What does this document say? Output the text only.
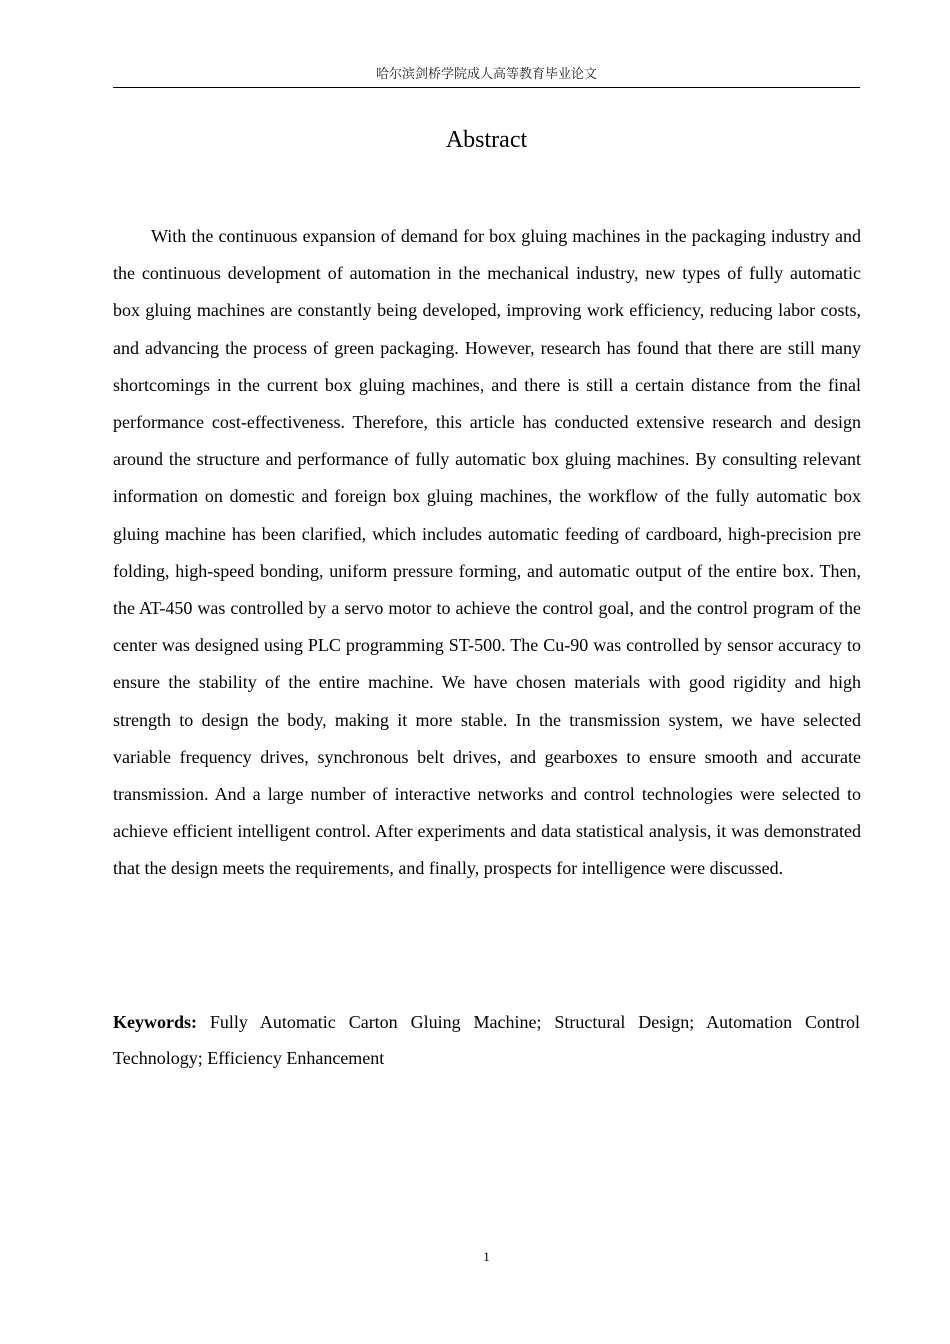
哈尔滨剑桥学院成人高等教育毕业论文
Abstract

With the continuous expansion of demand for box gluing machines in the packaging industry and the continuous development of automation in the mechanical industry, new types of fully automatic box gluing machines are constantly being developed, improving work efficiency, reducing labor costs, and advancing the process of green packaging. However, research has found that there are still many shortcomings in the current box gluing machines, and there is still a certain distance from the final performance cost-effectiveness. Therefore, this article has conducted extensive research and design around the structure and performance of fully automatic box gluing machines. By consulting relevant information on domestic and foreign box gluing machines, the workflow of the fully automatic box gluing machine has been clarified, which includes automatic feeding of cardboard, high-precision pre folding, high-speed bonding, uniform pressure forming, and automatic output of the entire box. Then, the AT-450 was controlled by a servo motor to achieve the control goal, and the control program of the center was designed using PLC programming ST-500. The Cu-90 was controlled by sensor accuracy to ensure the stability of the entire machine. We have chosen materials with good rigidity and high strength to design the body, making it more stable. In the transmission system, we have selected variable frequency drives, synchronous belt drives, and gearboxes to ensure smooth and accurate transmission. And a large number of interactive networks and control technologies were selected to achieve efficient intelligent control. After experiments and data statistical analysis, it was demonstrated that the design meets the requirements, and finally, prospects for intelligence were discussed.

Keywords: Fully Automatic Carton Gluing Machine; Structural Design; Automation Control Technology; Efficiency Enhancement

1
